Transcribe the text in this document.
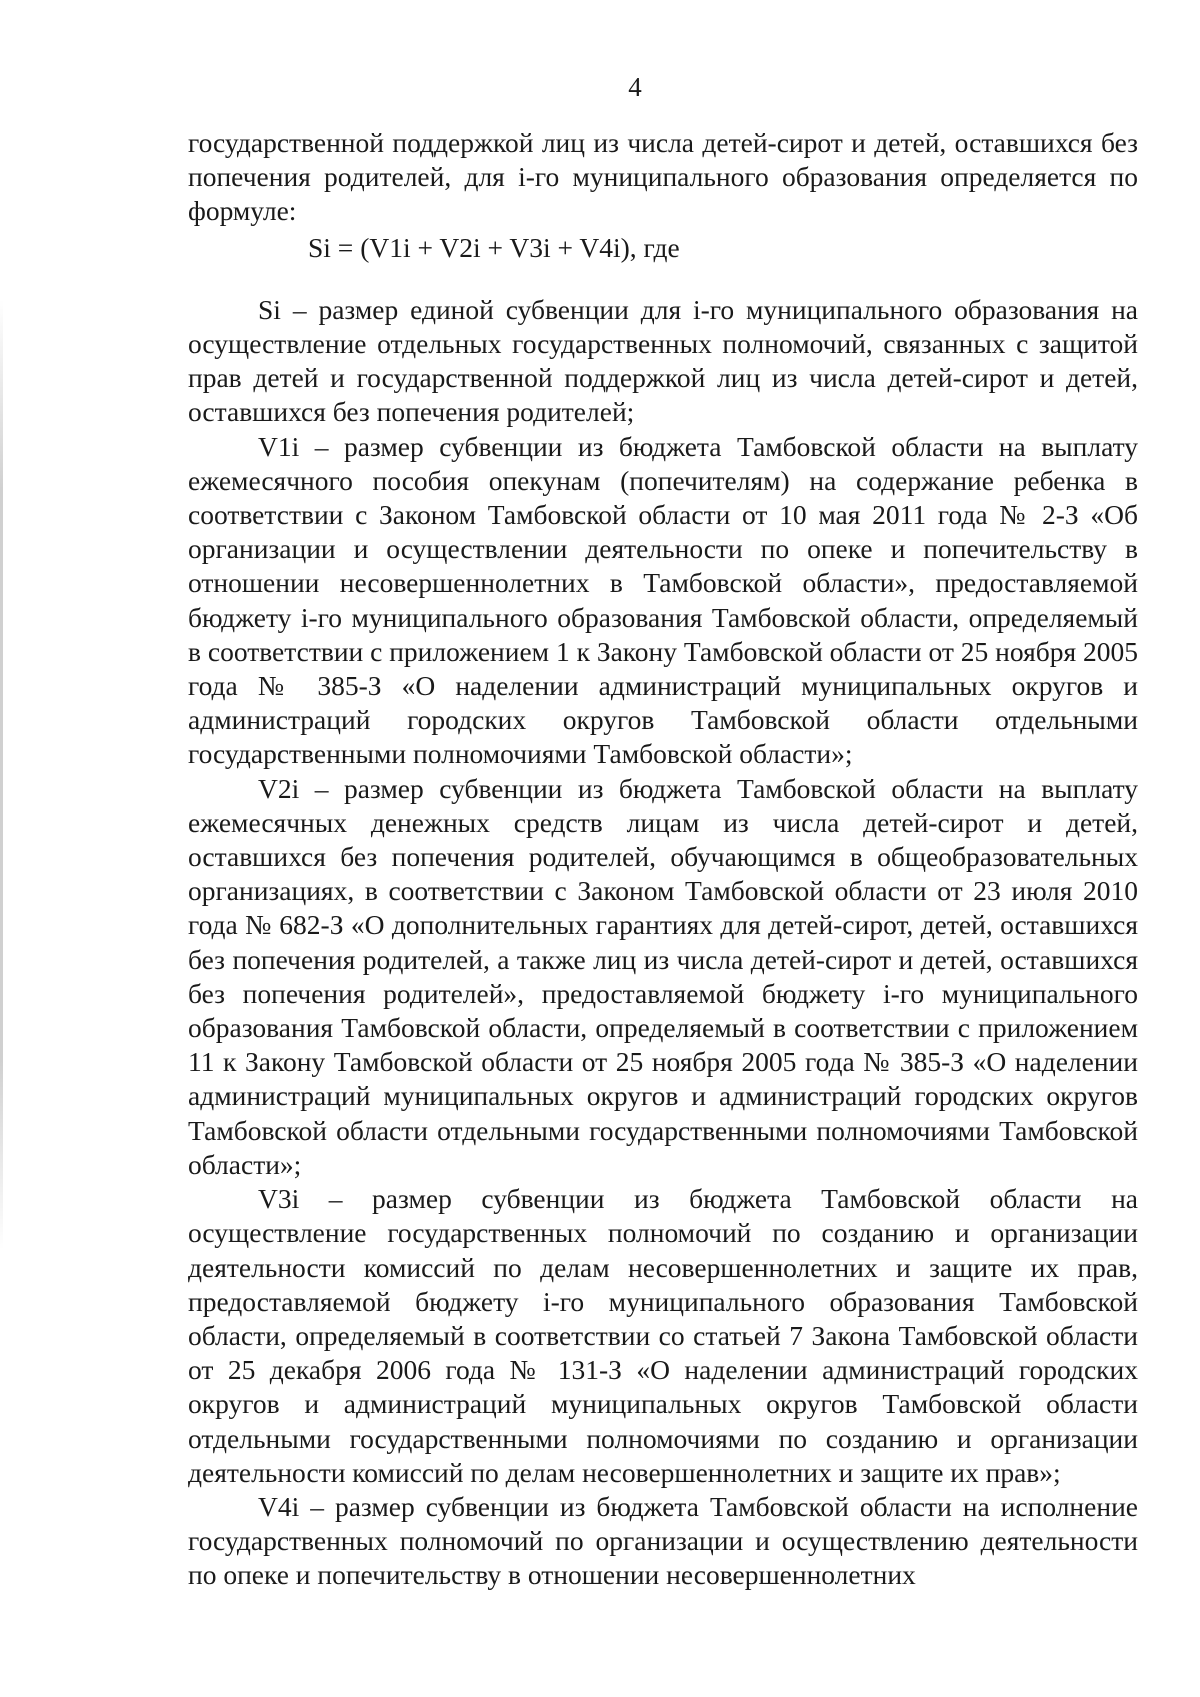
4

государственной поддержкой лиц из числа детей-сирот и детей, оставшихся без попечения родителей, для i-го муниципального образования определяется по формуле:

Si = (V1i + V2i + V3i + V4i), где

Si – размер единой субвенции для i-го муниципального образования на осуществление отдельных государственных полномочий, связанных с защитой прав детей и государственной поддержкой лиц из числа детей-сирот и детей, оставшихся без попечения родителей;

V1i – размер субвенции из бюджета Тамбовской области на выплату ежемесячного пособия опекунам (попечителям) на содержание ребенка в соответствии с Законом Тамбовской области от 10 мая 2011 года № 2-З «Об организации и осуществлении деятельности по опеке и попечительству в отношении несовершеннолетних в Тамбовской области», предоставляемой бюджету i-го муниципального образования Тамбовской области, определяемый в соответствии с приложением 1 к Закону Тамбовской области от 25 ноября 2005 года № 385-З «О наделении администраций муниципальных округов и администраций городских округов Тамбовской области отдельными государственными полномочиями Тамбовской области»;

V2i – размер субвенции из бюджета Тамбовской области на выплату ежемесячных денежных средств лицам из числа детей-сирот и детей, оставшихся без попечения родителей, обучающимся в общеобразовательных организациях, в соответствии с Законом Тамбовской области от 23 июля 2010 года № 682-З «О дополнительных гарантиях для детей-сирот, детей, оставшихся без попечения родителей, а также лиц из числа детей-сирот и детей, оставшихся без попечения родителей», предоставляемой бюджету i-го муниципального образования Тамбовской области, определяемый в соответствии с приложением 11 к Закону Тамбовской области от 25 ноября 2005 года № 385-З «О наделении администраций муниципальных округов и администраций городских округов Тамбовской области отдельными государственными полномочиями Тамбовской области»;

V3i – размер субвенции из бюджета Тамбовской области на осуществление государственных полномочий по созданию и организации деятельности комиссий по делам несовершеннолетних и защите их прав, предоставляемой бюджету i-го муниципального образования Тамбовской области, определяемый в соответствии со статьей 7 Закона Тамбовской области от 25 декабря 2006 года № 131-З «О наделении администраций городских округов и администраций муниципальных округов Тамбовской области отдельными государственными полномочиями по созданию и организации деятельности комиссий по делам несовершеннолетних и защите их прав»;

V4i – размер субвенции из бюджета Тамбовской области на исполнение государственных полномочий по организации и осуществлению деятельности по опеке и попечительству в отношении несовершеннолетних
